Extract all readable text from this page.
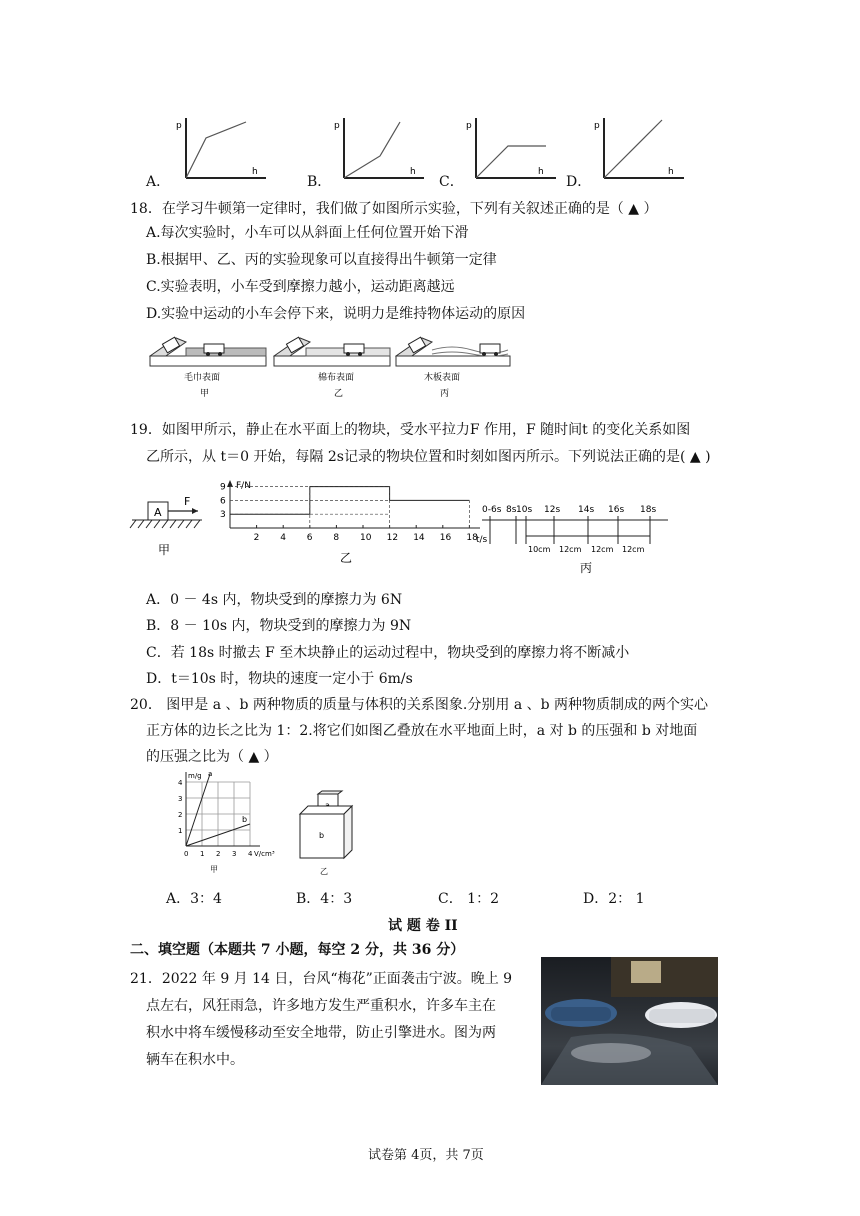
A．	B．	C．	D．
p
h
p
h
p
h
p
h
18．在学习牛顿第一定律时，我们做了如图所示实验，下列有关叙述正确的是（ ▲ ）
A.每次实验时，小车可以从斜面上任何位置开始下滑
B.根据甲、乙、丙的实验现象可以直接得出牛顿第一定律
C.实验表明，小车受到摩擦力越小，运动距离越远
D.实验中运动的小车会停下来，说明力是维持物体运动的原因
毛巾表面
甲
棉布表面
乙
木板表面
丙
19．如图甲所示，静止在水平面上的物块，受水平拉力F 作用，F 随时间t 的变化关系如图
乙所示，从 t＝0 开始，每隔 2s记录的物块位置和时刻如图丙所示。下列说法正确的是( ▲ )
A
F
甲
F/N
t/s
2 4 6 8 10 12 14 16 18
3
6
9
乙
0-6s 8s 10s 12s 14s 16s 18s
10cm 12cm 12cm 12cm
丙
A．0 － 4s 内，物块受到的摩擦力为 6N
B．8 － 10s 内，物块受到的摩擦力为 9N
C．若 18s 时撤去 F 至木块静止的运动过程中，物块受到的摩擦力将不断减小
D．t＝10s 时，物块的速度一定小于 6m/s
20． 图甲是 a 、b 两种物质的质量与体积的关系图象.分别用 a 、b 两种物质制成的两个实心
正方体的边长之比为 1：2.将它们如图乙叠放在水平地面上时，a 对 b 的压强和 b 对地面
的压强之比为（ ▲ ）
a
b
m/g
V/cm³
4
3
2
1
0 1 2 3 4
甲
b
乙
A．3：4	B．4：3	C． 1：2	D．2： 1
试 题 卷 II
二、填空题（本题共 7 小题，每空 2 分，共 36 分）
21．2022 年 9 月 14 日，台风“梅花”正面袭击宁波。晚上 9
点左右，风狂雨急，许多地方发生严重积水，许多车主在
积水中将车缓慢移动至安全地带，防止引擎进水。图为两
辆车在积水中。
试卷第 4页，共 7页
